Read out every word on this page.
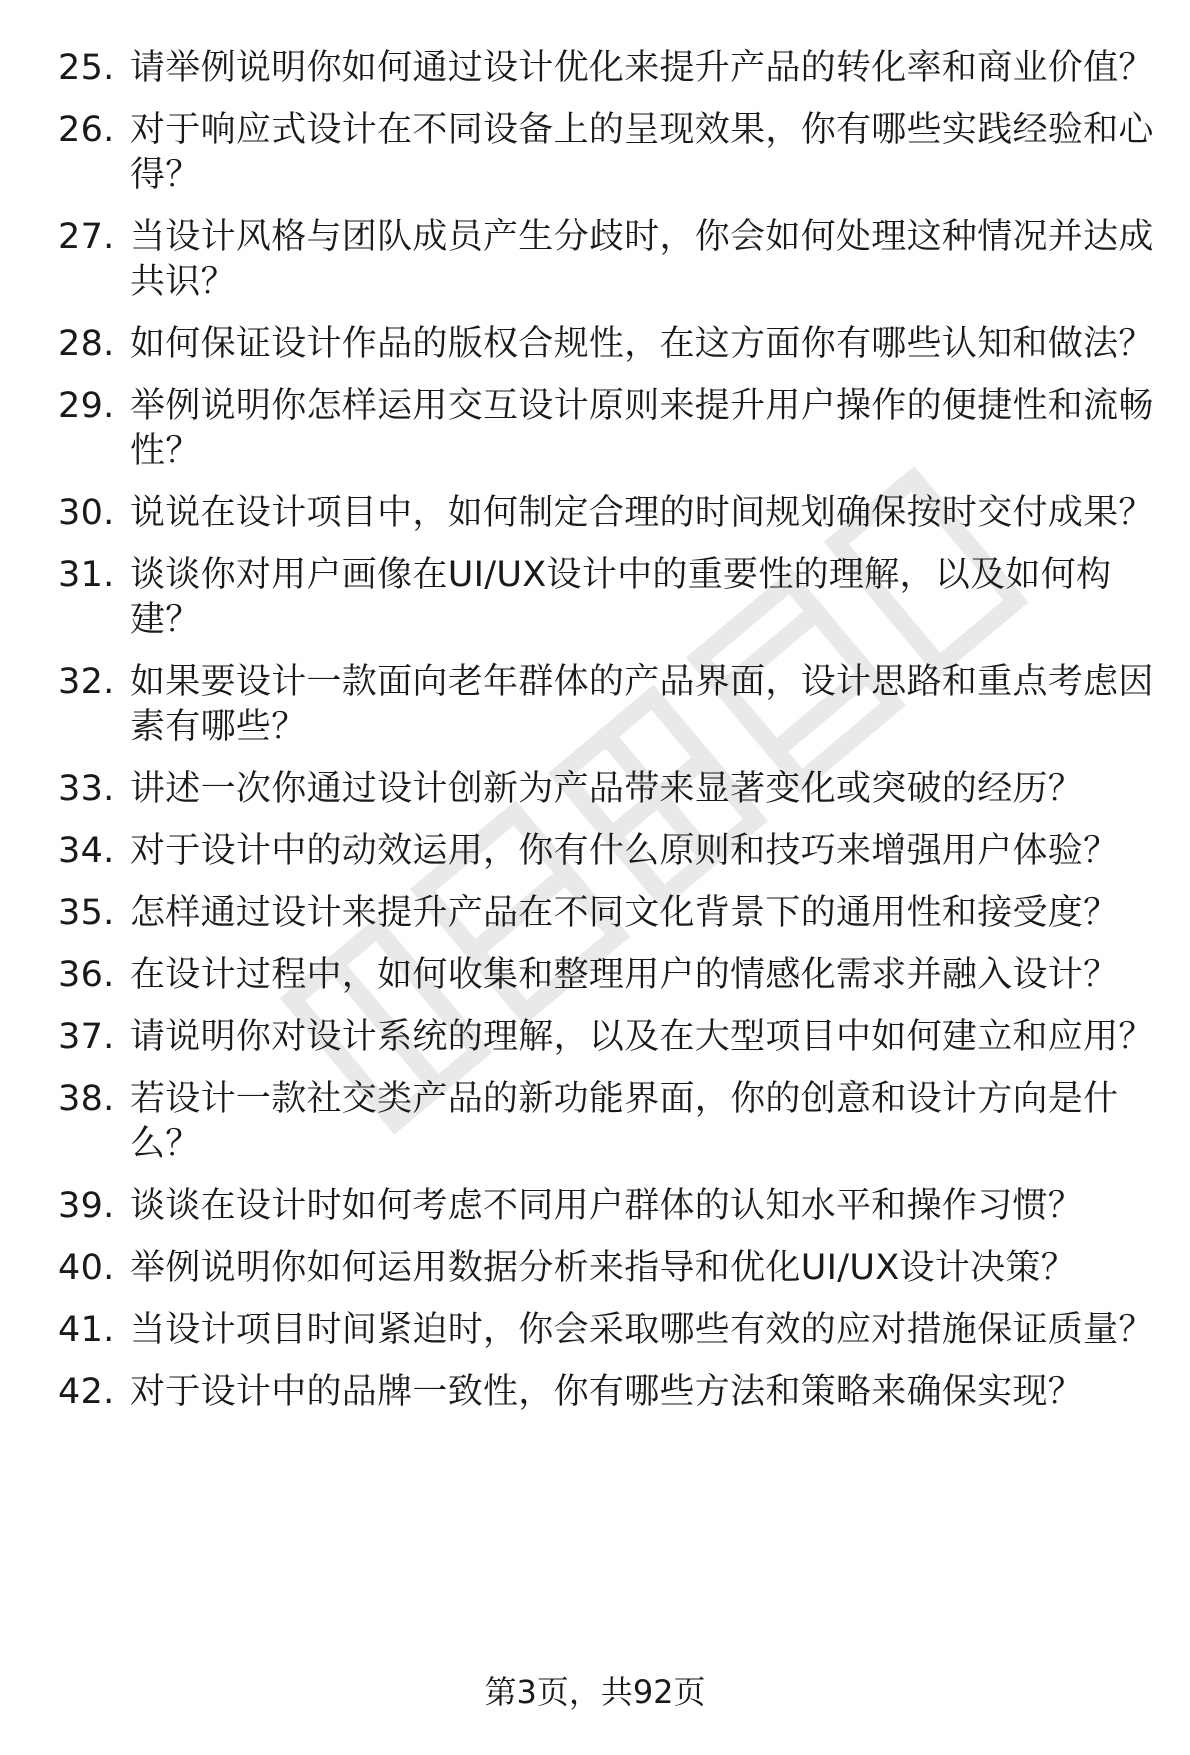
25. 请举例说明你如何通过设计优化来提升产品的转化率和商业价值？
26. 对于响应式设计在不同设备上的呈现效果，你有哪些实践经验和心得？
27. 当设计风格与团队成员产生分歧时，你会如何处理这种情况并达成共识？
28. 如何保证设计作品的版权合规性，在这方面你有哪些认知和做法？
29. 举例说明你怎样运用交互设计原则来提升用户操作的便捷性和流畅性？
30. 说说在设计项目中，如何制定合理的时间规划确保按时交付成果？
31. 谈谈你对用户画像在UI/UX设计中的重要性的理解，以及如何构建？
32. 如果要设计一款面向老年群体的产品界面，设计思路和重点考虑因素有哪些？
33. 讲述一次你通过设计创新为产品带来显著变化或突破的经历？
34. 对于设计中的动效运用，你有什么原则和技巧来增强用户体验？
35. 怎样通过设计来提升产品在不同文化背景下的通用性和接受度？
36. 在设计过程中，如何收集和整理用户的情感化需求并融入设计？
37. 请说明你对设计系统的理解，以及在大型项目中如何建立和应用？
38. 若设计一款社交类产品的新功能界面，你的创意和设计方向是什么？
39. 谈谈在设计时如何考虑不同用户群体的认知水平和操作习惯？
40. 举例说明你如何运用数据分析来指导和优化UI/UX设计决策？
41. 当设计项目时间紧迫时，你会采取哪些有效的应对措施保证质量？
42. 对于设计中的品牌一致性，你有哪些方法和策略来确保实现？
第3页，共92页
